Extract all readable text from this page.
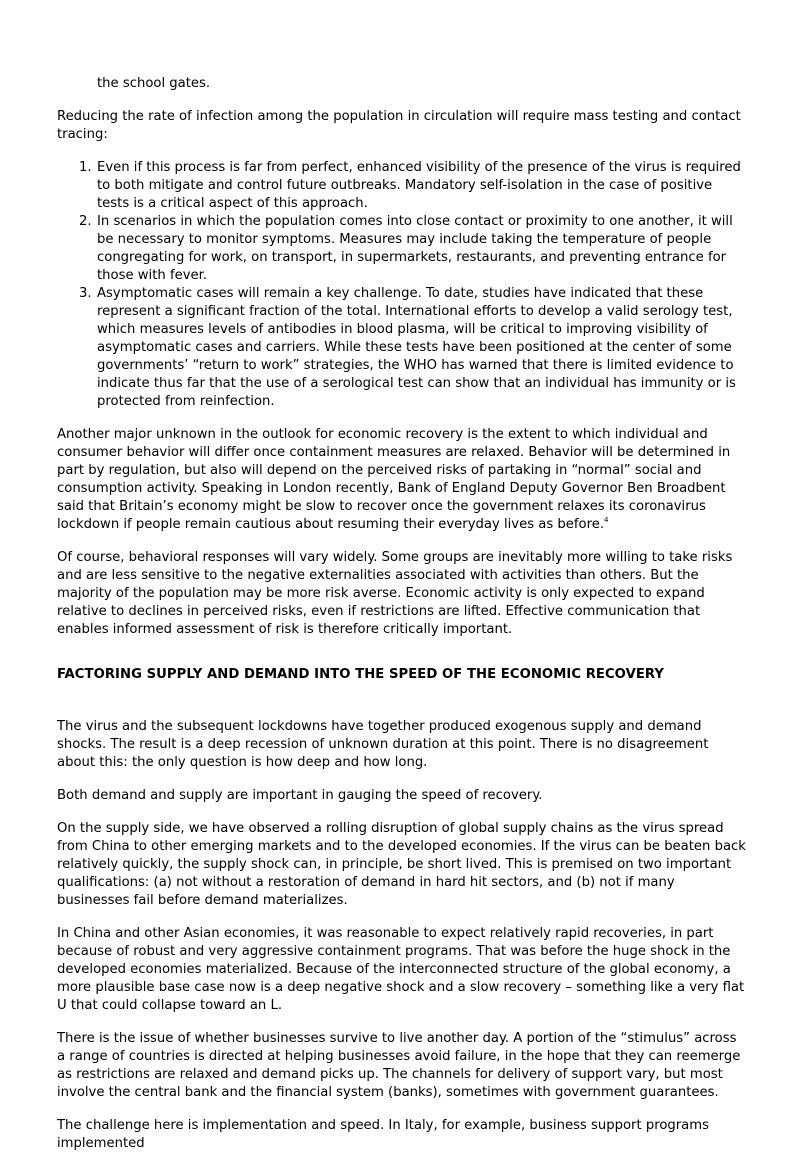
the school gates.

Reducing the rate of infection among the population in circulation will require mass testing and contact tracing:

1. Even if this process is far from perfect, enhanced visibility of the presence of the virus is required to both mitigate and control future outbreaks. Mandatory self-isolation in the case of positive tests is a critical aspect of this approach.
2. In scenarios in which the population comes into close contact or proximity to one another, it will be necessary to monitor symptoms. Measures may include taking the temperature of people congregating for work, on transport, in supermarkets, restaurants, and preventing entrance for those with fever.
3. Asymptomatic cases will remain a key challenge. To date, studies have indicated that these represent a significant fraction of the total. International efforts to develop a valid serology test, which measures levels of antibodies in blood plasma, will be critical to improving visibility of asymptomatic cases and carriers. While these tests have been positioned at the center of some governments’ “return to work” strategies, the WHO has warned that there is limited evidence to indicate thus far that the use of a serological test can show that an individual has immunity or is protected from reinfection.

Another major unknown in the outlook for economic recovery is the extent to which individual and consumer behavior will differ once containment measures are relaxed. Behavior will be determined in part by regulation, but also will depend on the perceived risks of partaking in “normal” social and consumption activity. Speaking in London recently, Bank of England Deputy Governor Ben Broadbent said that Britain’s economy might be slow to recover once the government relaxes its coronavirus lockdown if people remain cautious about resuming their everyday lives as before.$^4$

Of course, behavioral responses will vary widely. Some groups are inevitably more willing to take risks and are less sensitive to the negative externalities associated with activities than others. But the majority of the population may be more risk averse. Economic activity is only expected to expand relative to declines in perceived risks, even if restrictions are lifted. Effective communication that enables informed assessment of risk is therefore critically important.

FACTORING SUPPLY AND DEMAND INTO THE SPEED OF THE ECONOMIC RECOVERY

The virus and the subsequent lockdowns have together produced exogenous supply and demand shocks. The result is a deep recession of unknown duration at this point. There is no disagreement about this: the only question is how deep and how long.

Both demand and supply are important in gauging the speed of recovery.

On the supply side, we have observed a rolling disruption of global supply chains as the virus spread from China to other emerging markets and to the developed economies. If the virus can be beaten back relatively quickly, the supply shock can, in principle, be short lived. This is premised on two important qualifications: (a) not without a restoration of demand in hard hit sectors, and (b) not if many businesses fail before demand materializes.

In China and other Asian economies, it was reasonable to expect relatively rapid recoveries, in part because of robust and very aggressive containment programs. That was before the huge shock in the developed economies materialized. Because of the interconnected structure of the global economy, a more plausible base case now is a deep negative shock and a slow recovery – something like a very flat U that could collapse toward an L.

There is the issue of whether businesses survive to live another day. A portion of the “stimulus” across a range of countries is directed at helping businesses avoid failure, in the hope that they can reemerge as restrictions are relaxed and demand picks up. The channels for delivery of support vary, but most involve the central bank and the financial system (banks), sometimes with government guarantees.

The challenge here is implementation and speed. In Italy, for example, business support programs implemented
